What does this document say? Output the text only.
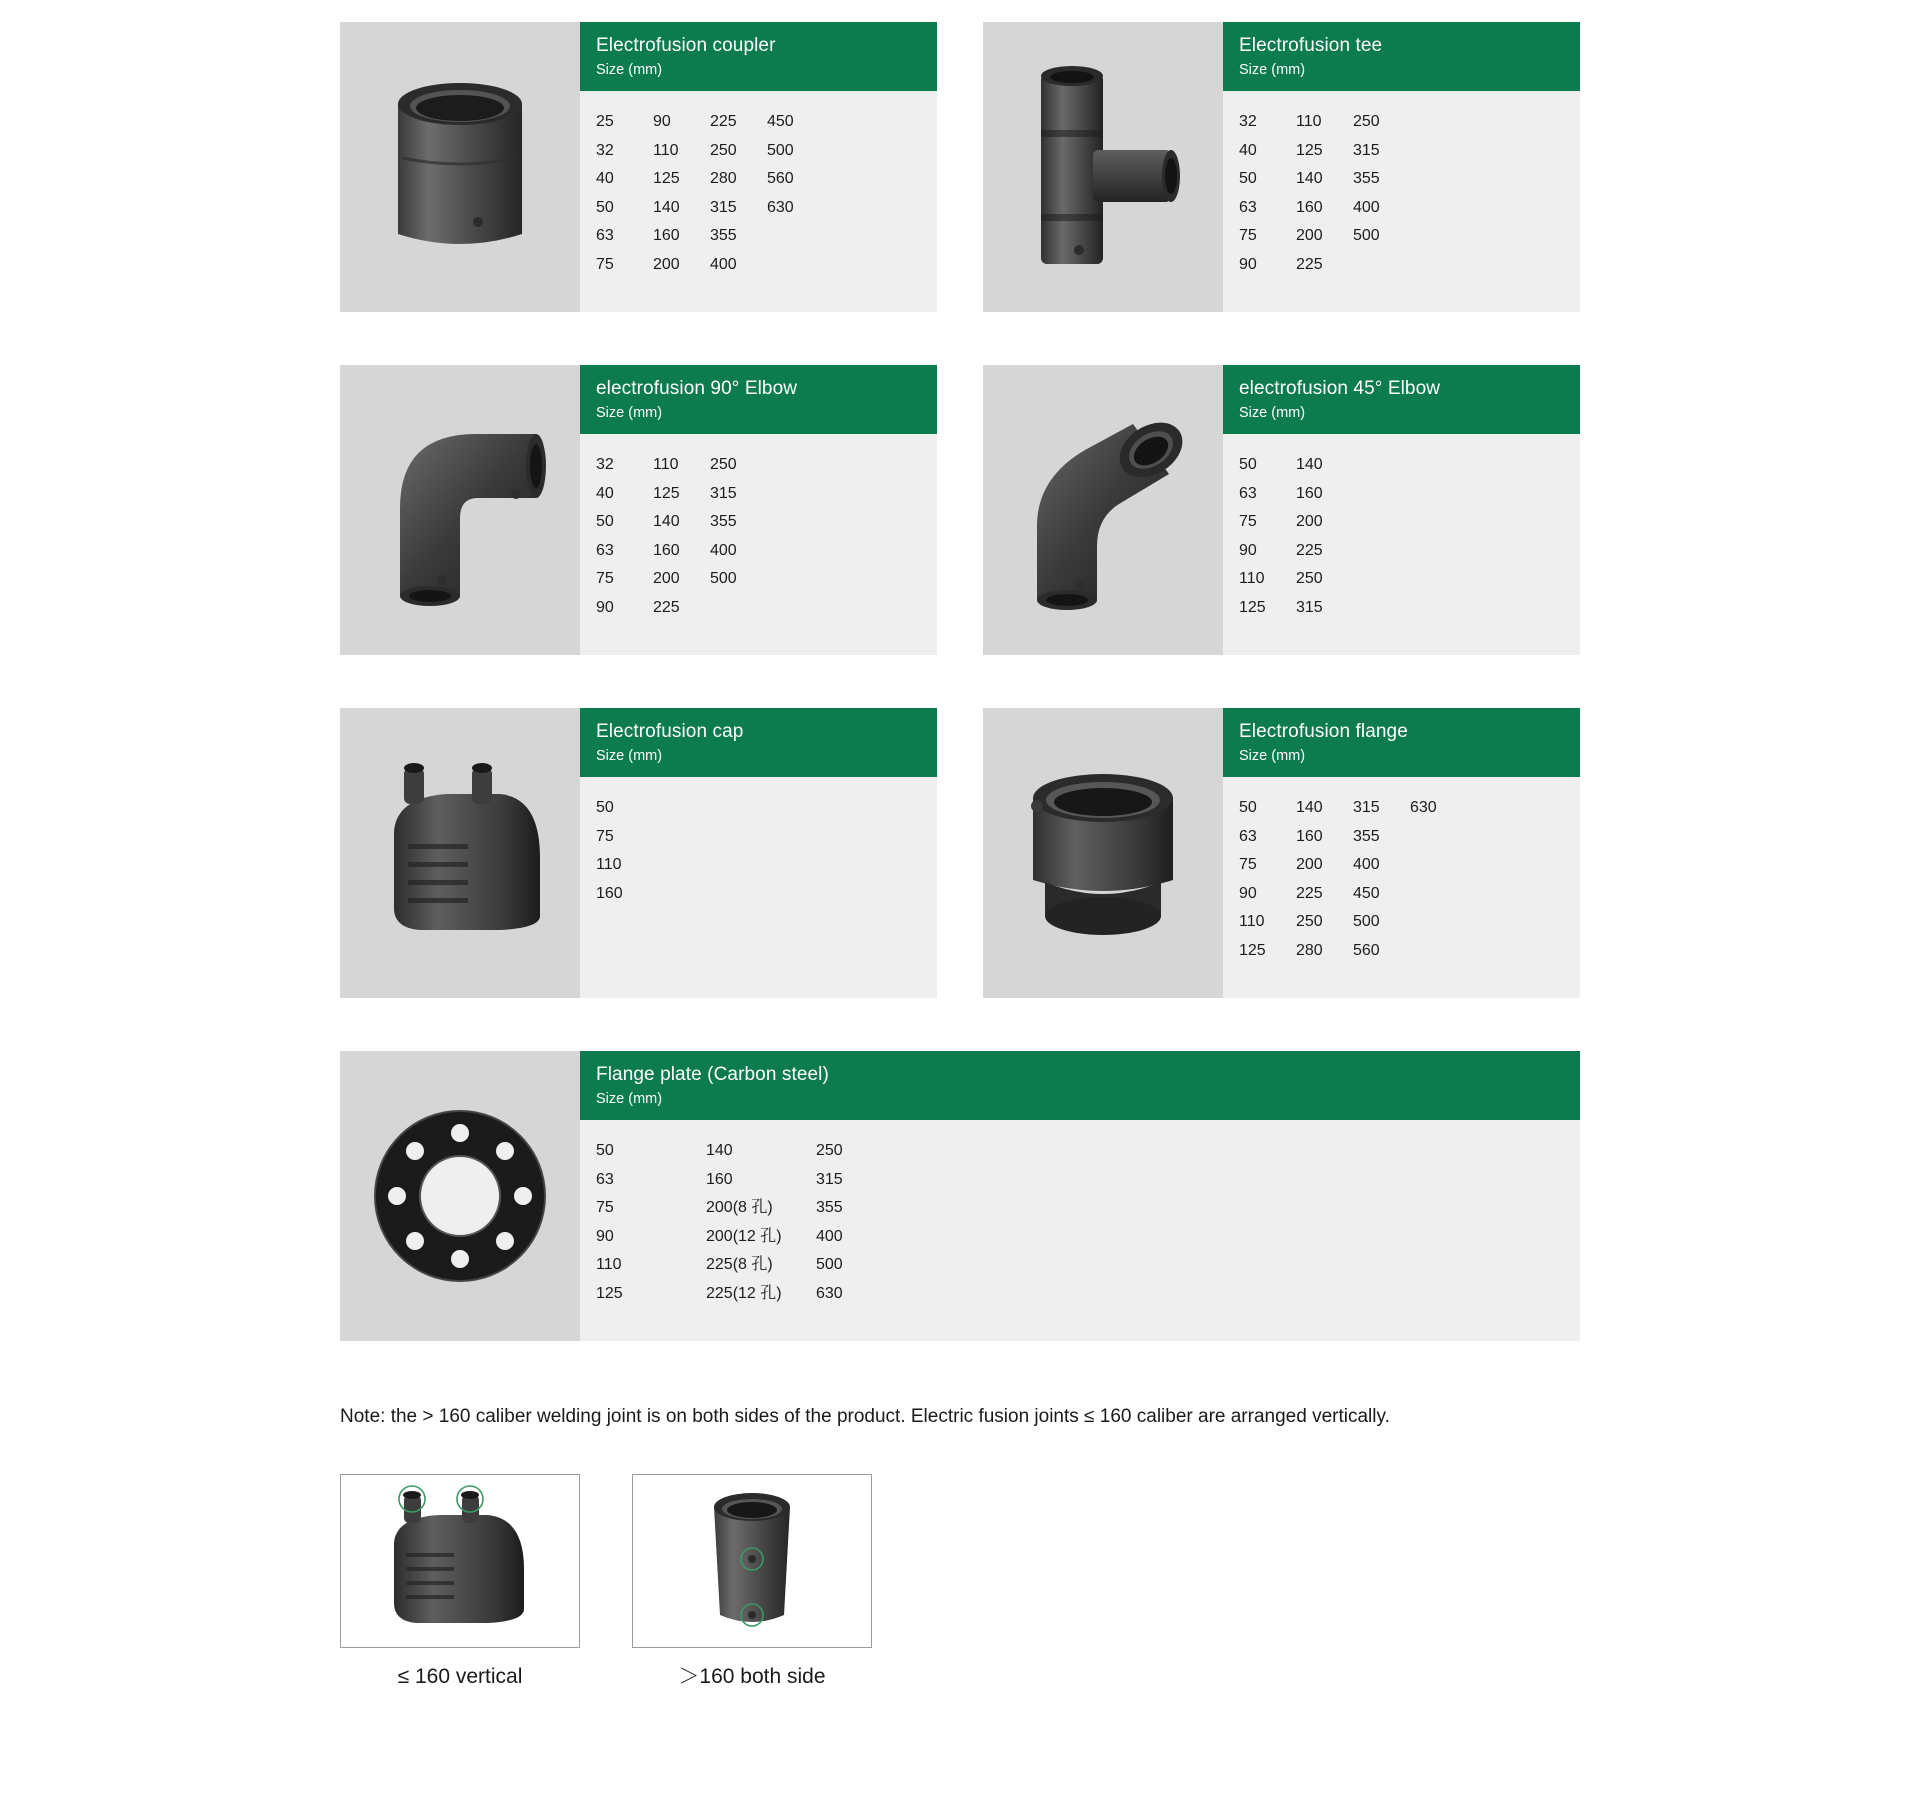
Electrofusion coupler
Size (mm)
25	90	225	450
32	110	250	500
40	125	280	560
50	140	315	630
63	160	355
75	200	400
Electrofusion tee
Size (mm)
32	110	250
40	125	315
50	140	355
63	160	400
75	200	500
90	225
electrofusion 90° Elbow
Size (mm)
32	110	250
40	125	315
50	140	355
63	160	400
75	200	500
90	225
electrofusion 45° Elbow
Size (mm)
50	140
63	160
75	200
90	225
110	250
125	315
Electrofusion cap
Size (mm)
50
75
110
160
Electrofusion flange
Size (mm)
50	140	315	630
63	160	355
75	200	400
90	225	450
110	250	500
125	280	560
Flange plate (Carbon steel)
Size (mm)
50	140	250
63	160	315
75	200(8 孔)	355
90	200(12 孔)	400
110	225(8 孔)	500
125	225(12 孔)	630
Note: the > 160 caliber welding joint is on both sides of the product. Electric fusion joints ≤ 160 caliber are arranged vertically.
≤ 160 vertical	＞160 both side
